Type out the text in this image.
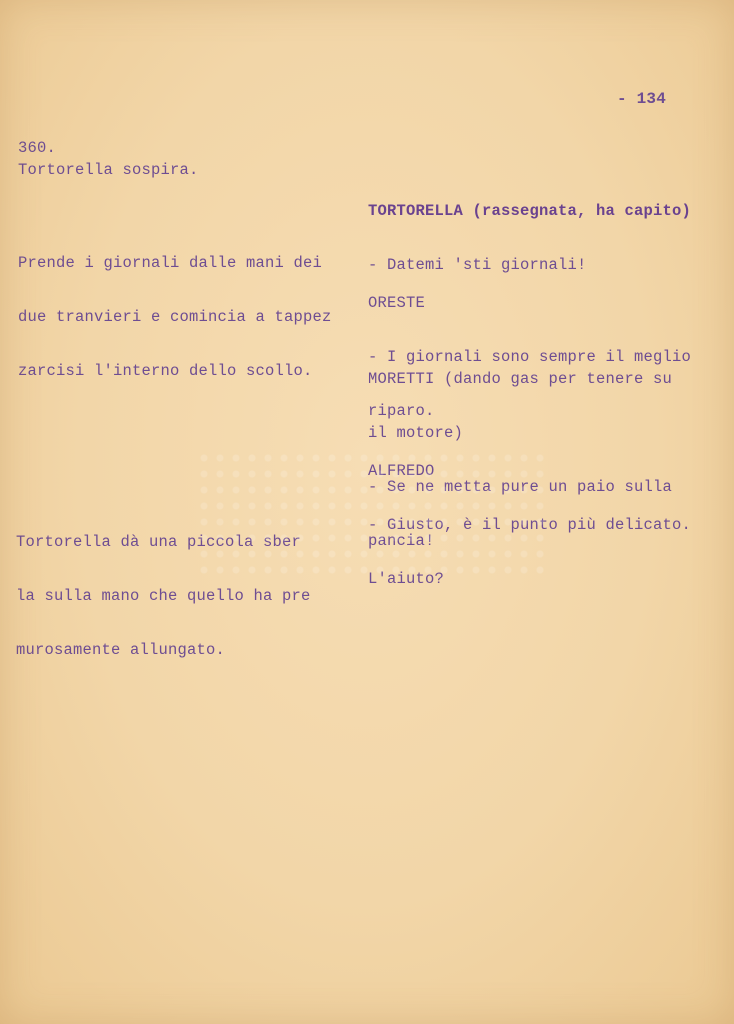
- 134
360.
Tortorella sospira.

Prende i giornali dalle mani dei

due tranvieri e comincia a tappez

zarcisi l'interno dello scollo.

Tortorella dà una piccola sber

la sulla mano che quello ha pre

murosamente allungato.

TORTORELLA (rassegnata, ha capito)

- Datemi 'sti giornali!

ORESTE

- I giornali sono sempre il meglio

riparo.

MORETTI (dando gas per tenere su

il motore)

- Se ne metta pure un paio sulla

pancia!

ALFREDO

- Giusto, è il punto più delicato.

L'aiuto?
